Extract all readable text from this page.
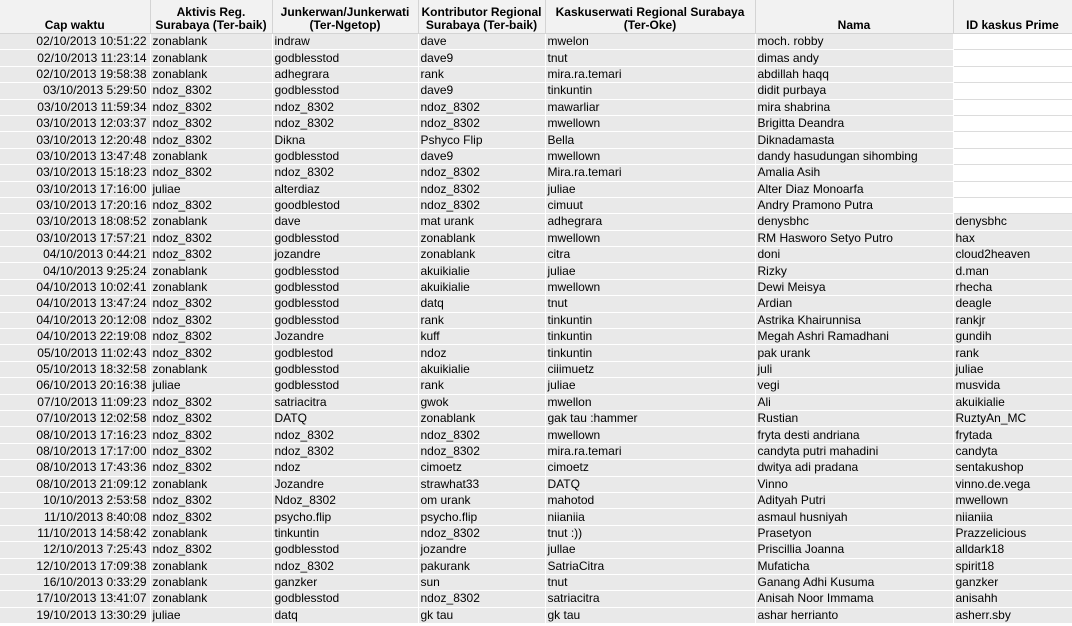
Cap waktu	Aktivis Reg. Surabaya (Ter-baik)	Junkerwan/Junkerwati (Ter-Ngetop)	Kontributor Regional Surabaya (Ter-baik)	Kaskuserwati Regional Surabaya (Ter-Oke)	Nama	ID kaskus Prime
02/10/2013 10:51:22	zonablank	indraw	dave	mwelon	moch. robby	
02/10/2013 11:23:14	zonablank	godblesstod	dave9	tnut	dimas andy	
02/10/2013 19:58:38	zonablank	adhegrara	rank	mira.ra.temari	abdillah haqq	
03/10/2013 5:29:50	ndoz_8302	godblesstod	dave9	tinkuntin	didit purbaya	
03/10/2013 11:59:34	ndoz_8302	ndoz_8302	ndoz_8302	mawarliar	mira shabrina	
03/10/2013 12:03:37	ndoz_8302	ndoz_8302	ndoz_8302	mwellown	Brigitta Deandra	
03/10/2013 12:20:48	ndoz_8302	Dikna	Pshyco Flip	Bella	Diknadamasta	
03/10/2013 13:47:48	zonablank	godblesstod	dave9	mwellown	dandy hasudungan sihombing	
03/10/2013 15:18:23	ndoz_8302	ndoz_8302	ndoz_8302	Mira.ra.temari	Amalia Asih	
03/10/2013 17:16:00	juliae	alterdiaz	ndoz_8302	juliae	Alter Diaz Monoarfa	
03/10/2013 17:20:16	ndoz_8302	goodblestod	ndoz_8302	cimuut	Andry Pramono Putra	
03/10/2013 18:08:52	zonablank	dave	mat urank	adhegrara	denysbhc	denysbhc
03/10/2013 17:57:21	ndoz_8302	godblesstod	zonablank	mwellown	RM Hasworo Setyo Putro	hax
04/10/2013 0:44:21	ndoz_8302	jozandre	zonablank	citra	doni	cloud2heaven
04/10/2013 9:25:24	zonablank	godblesstod	akuikialie	juliae	Rizky	d.man
04/10/2013 10:02:41	zonablank	godblesstod	akuikialie	mwellown	Dewi Meisya	rhecha
04/10/2013 13:47:24	ndoz_8302	godblesstod	datq	tnut	Ardian	deagle
04/10/2013 20:12:08	ndoz_8302	godblesstod	rank	tinkuntin	Astrika Khairunnisa	rankjr
04/10/2013 22:19:08	ndoz_8302	Jozandre	kuff	tinkuntin	Megah Ashri Ramadhani	gundih
05/10/2013 11:02:43	ndoz_8302	godblestod	ndoz	tinkuntin	pak urank	rank
05/10/2013 18:32:58	zonablank	godblesstod	akuikialie	ciiimuetz	juli	juliae
06/10/2013 20:16:38	juliae	godblesstod	rank	juliae	vegi	musvida
07/10/2013 11:09:23	ndoz_8302	satriacitra	gwok	mwellon	Ali	akuikialie
07/10/2013 12:02:58	ndoz_8302	DATQ	zonablank	gak tau :hammer	Rustian	RuztyAn_MC
08/10/2013 17:16:23	ndoz_8302	ndoz_8302	ndoz_8302	mwellown	fryta desti andriana	frytada
08/10/2013 17:17:00	ndoz_8302	ndoz_8302	ndoz_8302	mira.ra.temari	candyta putri mahadini	candyta
08/10/2013 17:43:36	ndoz_8302	ndoz	cimoetz	cimoetz	dwitya adi pradana	sentakushop
08/10/2013 21:09:12	zonablank	Jozandre	strawhat33	DATQ	Vinno	vinno.de.vega
10/10/2013 2:53:58	ndoz_8302	Ndoz_8302	om urank	mahotod	Adityah Putri	mwellown
11/10/2013 8:40:08	ndoz_8302	psycho.flip	psycho.flip	niianiia	asmaul husniyah	niianiia
11/10/2013 14:58:42	zonablank	tinkuntin	ndoz_8302	tnut :))	Prasetyon	Prazzelicious
12/10/2013 7:25:43	ndoz_8302	godblesstod	jozandre	jullae	Priscillia Joanna	alldark18
12/10/2013 17:09:38	zonablank	ndoz_8302	pakurank	SatriaCitra	Mufaticha	spirit18
16/10/2013 0:33:29	zonablank	ganzker	sun	tnut	Ganang Adhi Kusuma	ganzker
17/10/2013 13:41:07	zonablank	godblesstod	ndoz_8302	satriacitra	Anisah Noor Immama	anisahh
19/10/2013 13:30:29	juliae	datq	gk tau	gk tau	ashar herrianto	asherr.sby
